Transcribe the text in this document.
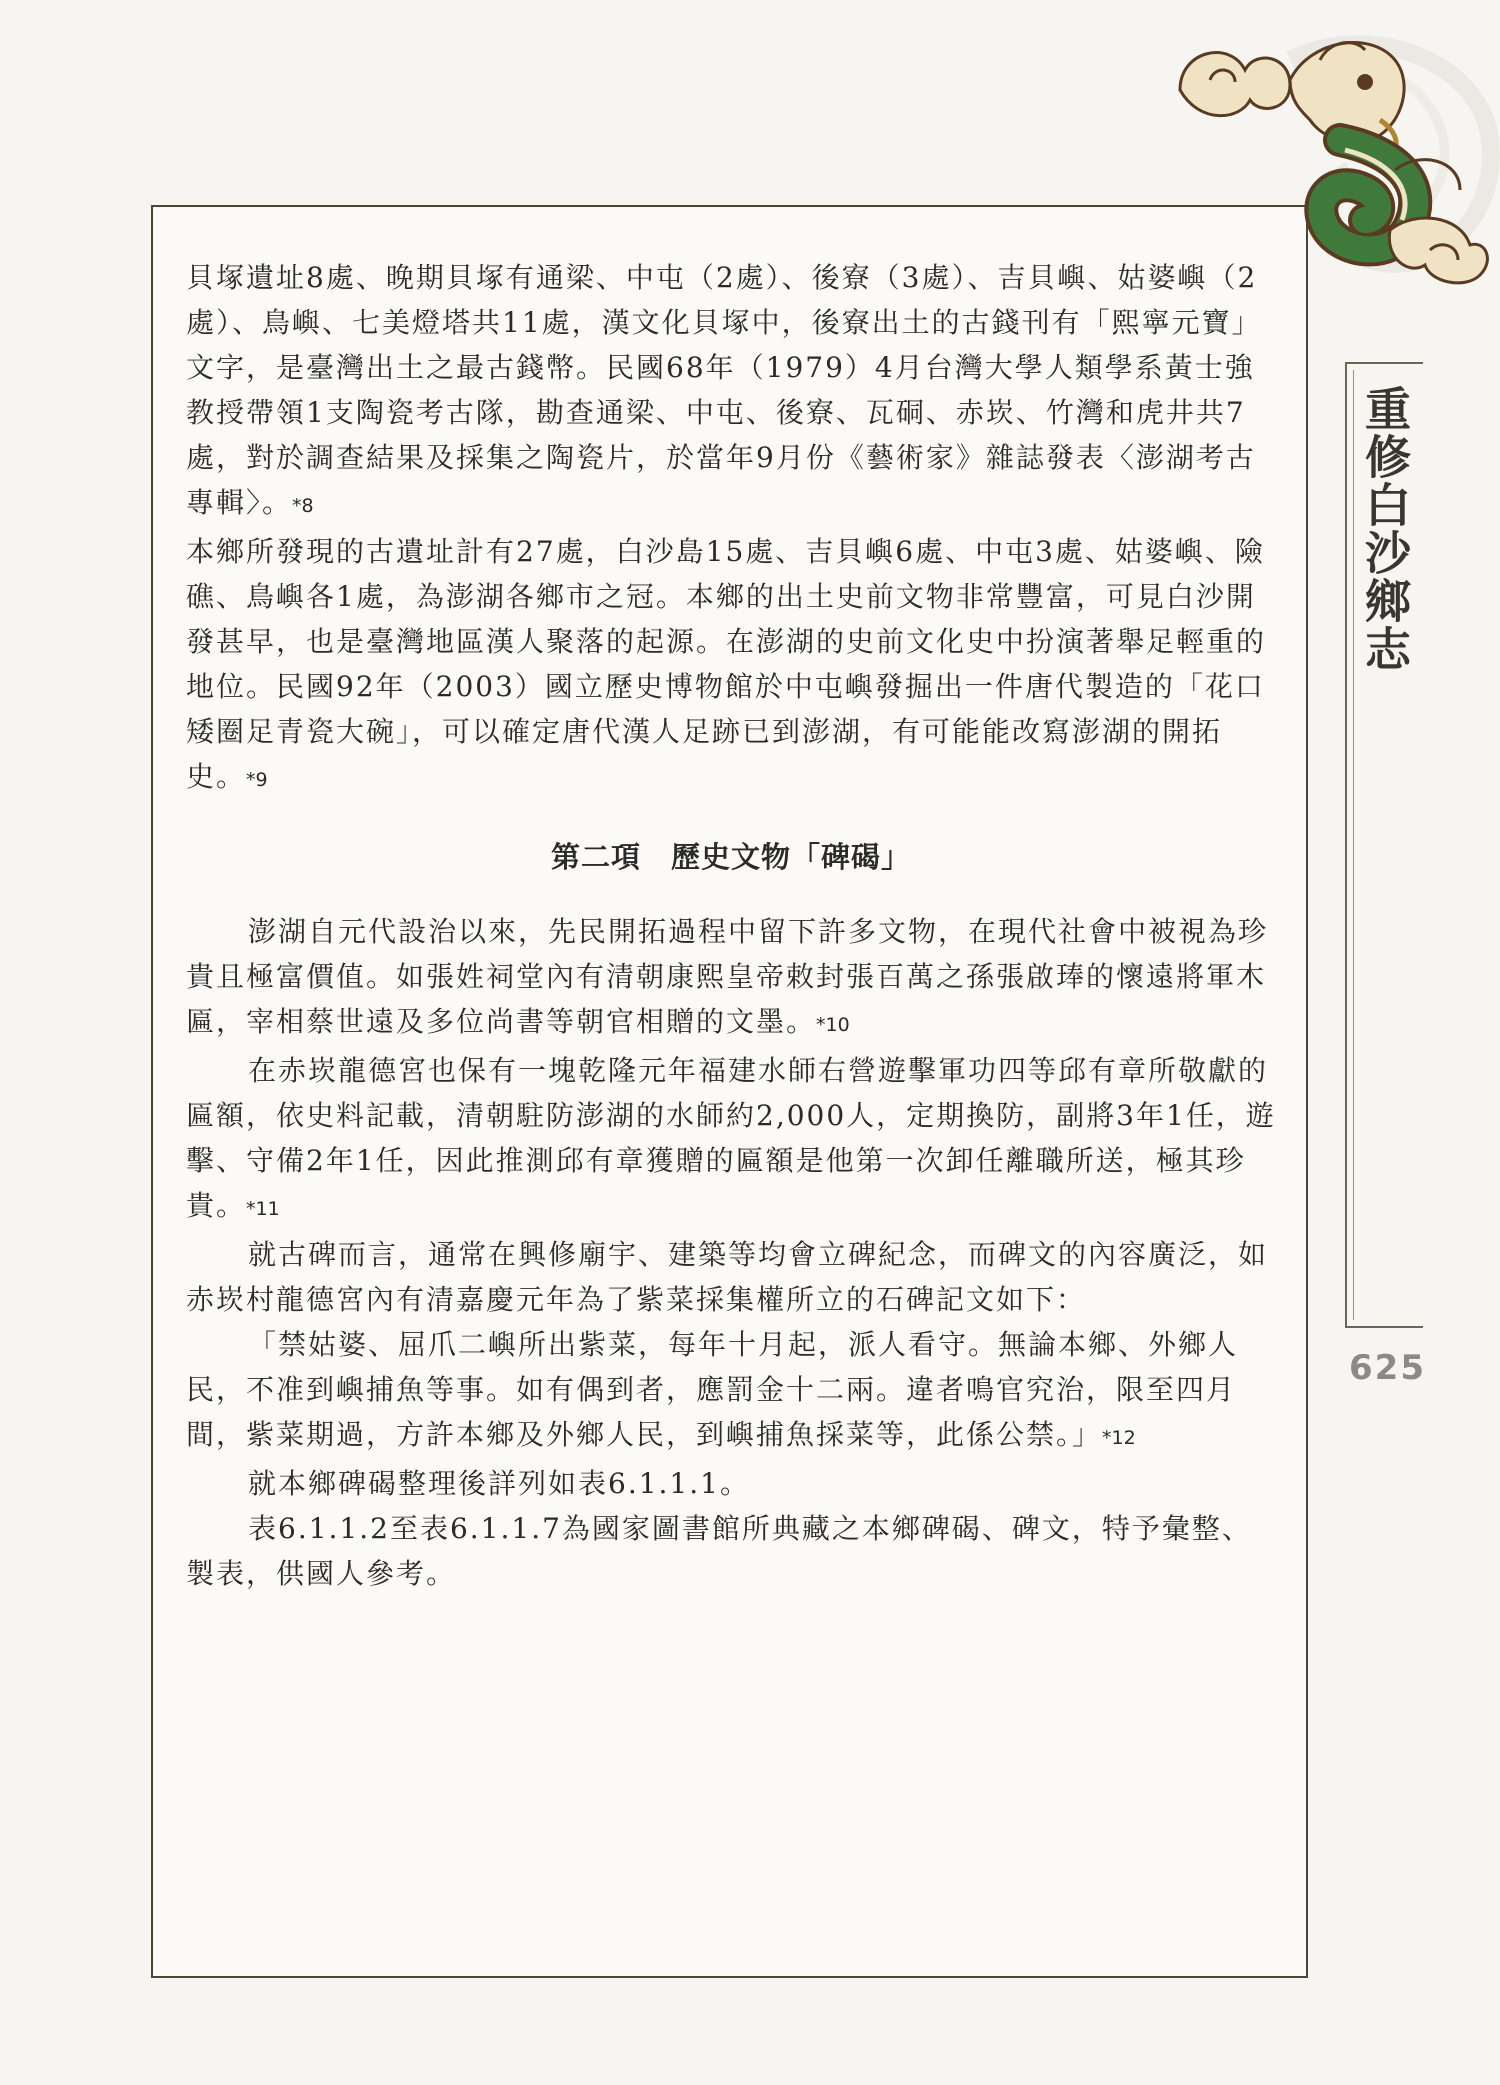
重修白沙鄉志
625

貝塚遺址8處、晚期貝塚有通梁、中屯（2處）、後寮（3處）、吉貝嶼、姑婆嶼（2處）、鳥嶼、七美燈塔共11處，漢文化貝塚中，後寮出土的古錢刊有「熙寧元寶」文字，是臺灣出土之最古錢幣。民國68年（1979）4月台灣大學人類學系黃士強教授帶領1支陶瓷考古隊，勘查通梁、中屯、後寮、瓦硐、赤崁、竹灣和虎井共7處，對於調查結果及採集之陶瓷片，於當年9月份《藝術家》雜誌發表〈澎湖考古專輯〉。*8

本鄉所發現的古遺址計有27處，白沙島15處、吉貝嶼6處、中屯3處、姑婆嶼、險礁、鳥嶼各1處，為澎湖各鄉市之冠。本鄉的出土史前文物非常豐富，可見白沙開發甚早，也是臺灣地區漢人聚落的起源。在澎湖的史前文化史中扮演著舉足輕重的地位。民國92年（2003）國立歷史博物館於中屯嶼發掘出一件唐代製造的「花口矮圈足青瓷大碗」，可以確定唐代漢人足跡已到澎湖，有可能能改寫澎湖的開拓史。*9

第二項　歷史文物「碑碣」

澎湖自元代設治以來，先民開拓過程中留下許多文物，在現代社會中被視為珍貴且極富價值。如張姓祠堂內有清朝康熙皇帝敕封張百萬之孫張啟琫的懷遠將軍木匾，宰相蔡世遠及多位尚書等朝官相贈的文墨。*10

在赤崁龍德宮也保有一塊乾隆元年福建水師右營遊擊軍功四等邱有章所敬獻的匾額，依史料記載，清朝駐防澎湖的水師約2,000人，定期換防，副將3年1任，遊擊、守備2年1任，因此推測邱有章獲贈的匾額是他第一次卸任離職所送，極其珍貴。*11

就古碑而言，通常在興修廟宇、建築等均會立碑紀念，而碑文的內容廣泛，如赤崁村龍德宮內有清嘉慶元年為了紫菜採集權所立的石碑記文如下：

「禁姑婆、屈爪二嶼所出紫菜，每年十月起，派人看守。無論本鄉、外鄉人民，不准到嶼捕魚等事。如有偶到者，應罰金十二兩。違者鳴官究治，限至四月間，紫菜期過，方許本鄉及外鄉人民，到嶼捕魚採菜等，此係公禁。」*12

就本鄉碑碣整理後詳列如表6.1.1.1。

表6.1.1.2至表6.1.1.7為國家圖書館所典藏之本鄉碑碣、碑文，特予彙整、製表，供國人參考。
